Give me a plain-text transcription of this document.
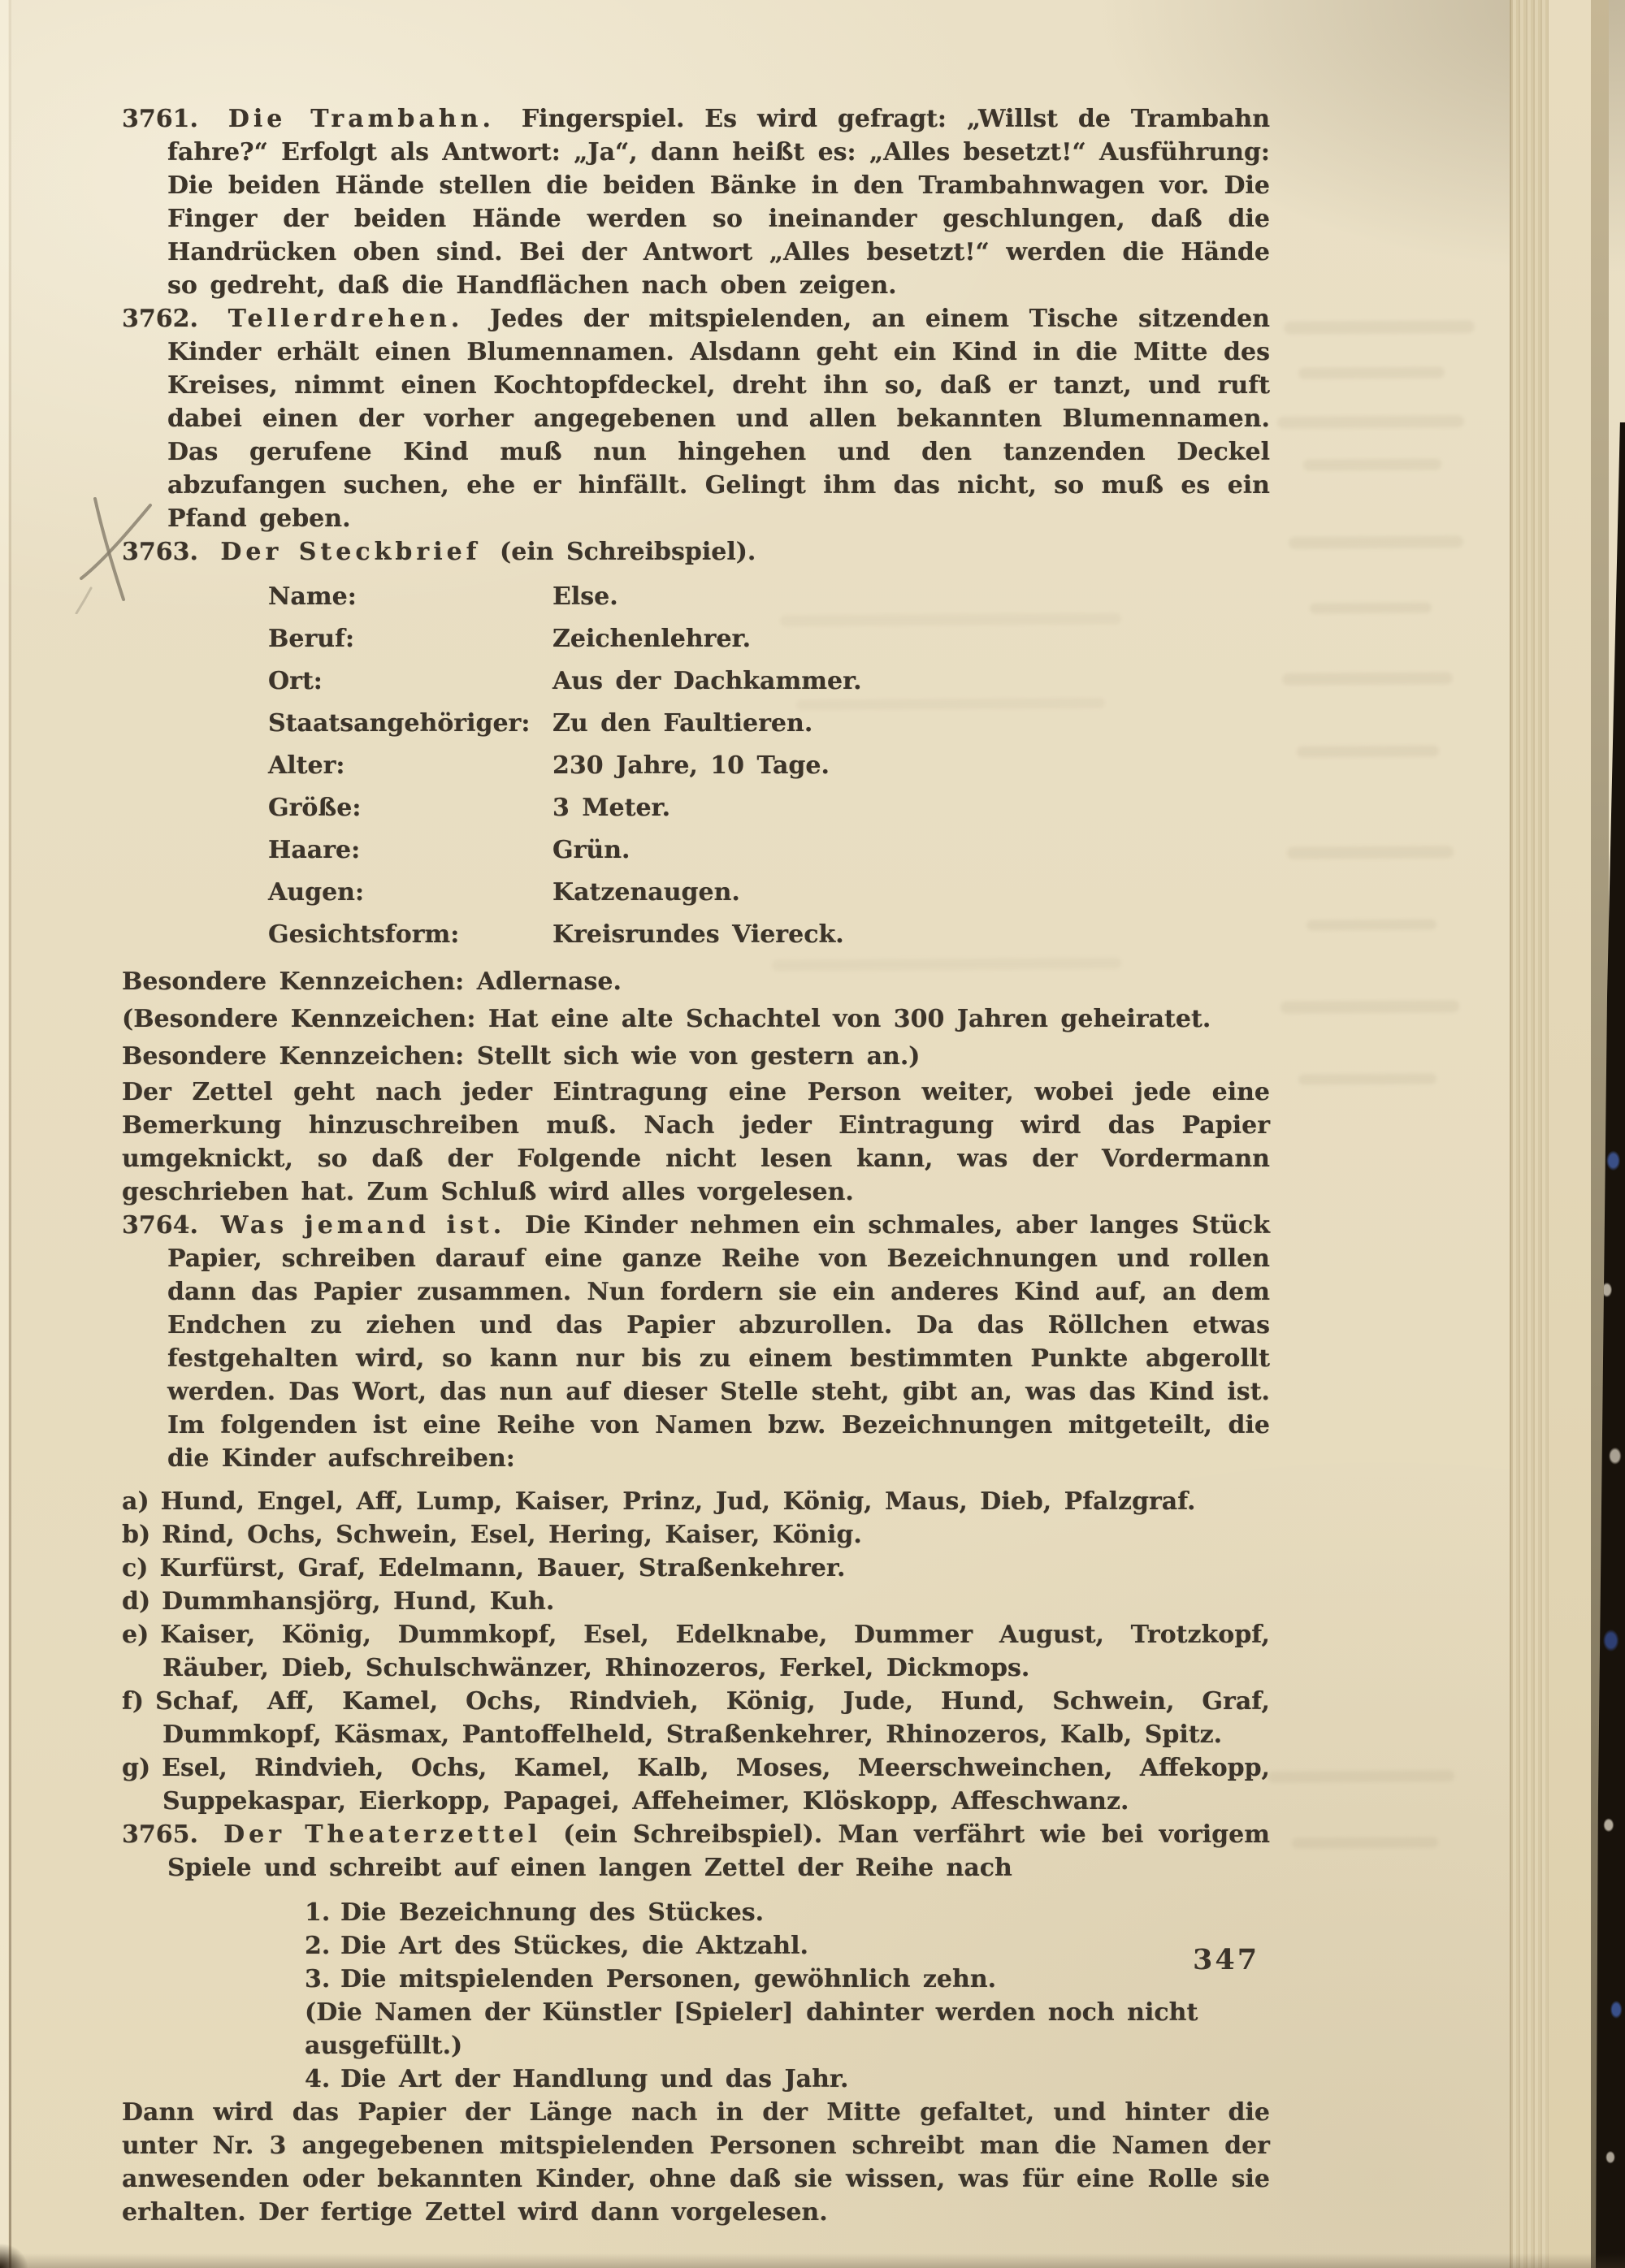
3761. Die Trambahn. Fingerspiel. Es wird gefragt: „Willst de Trambahn fahre?“ Erfolgt als Antwort: „Ja“, dann heißt es: „Alles besetzt!“ Ausführung: Die beiden Hände stellen die beiden Bänke in den Trambahnwagen vor. Die Finger der beiden Hände werden so ineinander geschlungen, daß die Handrücken oben sind. Bei der Antwort „Alles besetzt!“ werden die Hände so gedreht, daß die Handflächen nach oben zeigen.

3762. Tellerdrehen. Jedes der mitspielenden, an einem Tische sitzenden Kinder erhält einen Blumennamen. Alsdann geht ein Kind in die Mitte des Kreises, nimmt einen Kochtopfdeckel, dreht ihn so, daß er tanzt, und ruft dabei einen der vorher angegebenen und allen bekannten Blumennamen. Das gerufene Kind muß nun hingehen und den tanzenden Deckel abzufangen suchen, ehe er hinfällt. Gelingt ihm das nicht, so muß es ein Pfand geben.

3763. Der Steckbrief (ein Schreibspiel).

Name:	Else.
Beruf:	Zeichenlehrer.
Ort:	Aus der Dachkammer.
Staatsangehöriger: Zu den Faultieren.
Alter:	230 Jahre, 10 Tage.
Größe:	3 Meter.
Haare:	Grün.
Augen:	Katzenaugen.
Gesichtsform:	Kreisrundes Viereck.

Besondere Kennzeichen: Adlernase.

(Besondere Kennzeichen: Hat eine alte Schachtel von 300 Jahren geheiratet.

Besondere Kennzeichen: Stellt sich wie von gestern an.)

Der Zettel geht nach jeder Eintragung eine Person weiter, wobei jede eine Bemerkung hinzuschreiben muß. Nach jeder Eintragung wird das Papier umgeknickt, so daß der Folgende nicht lesen kann, was der Vordermann geschrieben hat. Zum Schluß wird alles vorgelesen.

3764. Was jemand ist. Die Kinder nehmen ein schmales, aber langes Stück Papier, schreiben darauf eine ganze Reihe von Bezeichnungen und rollen dann das Papier zusammen. Nun fordern sie ein anderes Kind auf, an dem Endchen zu ziehen und das Papier abzurollen. Da das Röllchen etwas festgehalten wird, so kann nur bis zu einem bestimmten Punkte abgerollt werden. Das Wort, das nun auf dieser Stelle steht, gibt an, was das Kind ist. Im folgenden ist eine Reihe von Namen bzw. Bezeichnungen mitgeteilt, die die Kinder aufschreiben:

a) Hund, Engel, Aff, Lump, Kaiser, Prinz, Jud, König, Maus, Dieb, Pfalzgraf.

b) Rind, Ochs, Schwein, Esel, Hering, Kaiser, König.

c) Kurfürst, Graf, Edelmann, Bauer, Straßenkehrer.

d) Dummhansjörg, Hund, Kuh.

e) Kaiser, König, Dummkopf, Esel, Edelknabe, Dummer August, Trotzkopf, Räuber, Dieb, Schulschwänzer, Rhinozeros, Ferkel, Dickmops.

f) Schaf, Aff, Kamel, Ochs, Rindvieh, König, Jude, Hund, Schwein, Graf, Dummkopf, Käsmax, Pantoffelheld, Straßenkehrer, Rhinozeros, Kalb, Spitz.

g) Esel, Rindvieh, Ochs, Kamel, Kalb, Moses, Meerschweinchen, Affekopp, Suppekaspar, Eierkopp, Papagei, Affeheimer, Klöskopp, Affeschwanz.

3765. Der Theaterzettel (ein Schreibspiel). Man verfährt wie bei vorigem Spiele und schreibt auf einen langen Zettel der Reihe nach

1. Die Bezeichnung des Stückes.

2. Die Art des Stückes, die Aktzahl.

3. Die mitspielenden Personen, gewöhnlich zehn.

(Die Namen der Künstler [Spieler] dahinter werden noch nicht ausgefüllt.)

4. Die Art der Handlung und das Jahr.

Dann wird das Papier der Länge nach in der Mitte gefaltet, und hinter die unter Nr. 3 angegebenen mitspielenden Personen schreibt man die Namen der anwesenden oder bekannten Kinder, ohne daß sie wissen, was für eine Rolle sie erhalten. Der fertige Zettel wird dann vorgelesen.

347
